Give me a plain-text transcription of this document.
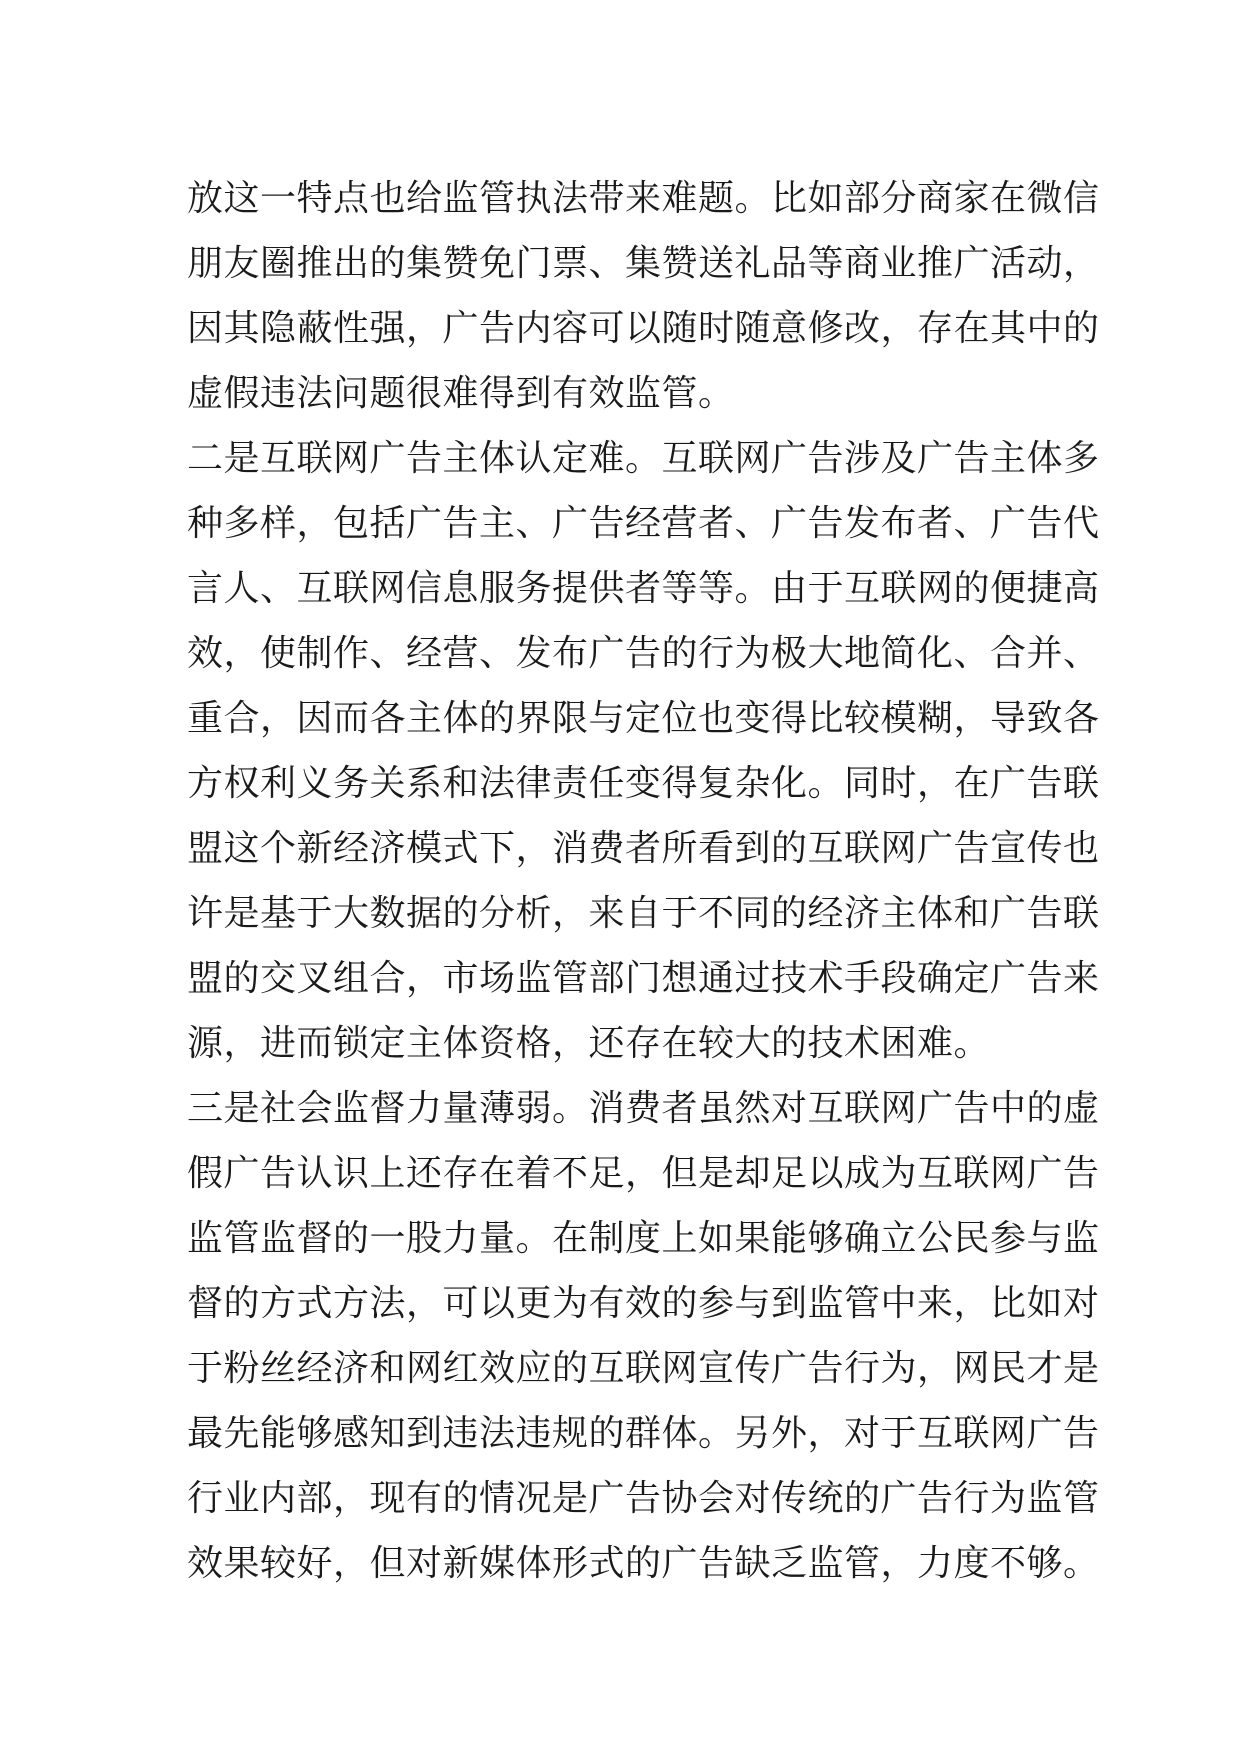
放这一特点也给监管执法带来难题。比如部分商家在微信
朋友圈推出的集赞免门票、集赞送礼品等商业推广活动，
因其隐蔽性强，广告内容可以随时随意修改，存在其中的
虚假违法问题很难得到有效监管。
二是互联网广告主体认定难。互联网广告涉及广告主体多
种多样，包括广告主、广告经营者、广告发布者、广告代
言人、互联网信息服务提供者等等。由于互联网的便捷高
效，使制作、经营、发布广告的行为极大地简化、合并、
重合，因而各主体的界限与定位也变得比较模糊，导致各
方权利义务关系和法律责任变得复杂化。同时，在广告联
盟这个新经济模式下，消费者所看到的互联网广告宣传也
许是基于大数据的分析，来自于不同的经济主体和广告联
盟的交叉组合，市场监管部门想通过技术手段确定广告来
源，进而锁定主体资格，还存在较大的技术困难。
三是社会监督力量薄弱。消费者虽然对互联网广告中的虚
假广告认识上还存在着不足，但是却足以成为互联网广告
监管监督的一股力量。在制度上如果能够确立公民参与监
督的方式方法，可以更为有效的参与到监管中来，比如对
于粉丝经济和网红效应的互联网宣传广告行为，网民才是
最先能够感知到违法违规的群体。另外，对于互联网广告
行业内部，现有的情况是广告协会对传统的广告行为监管
效果较好，但对新媒体形式的广告缺乏监管，力度不够。
